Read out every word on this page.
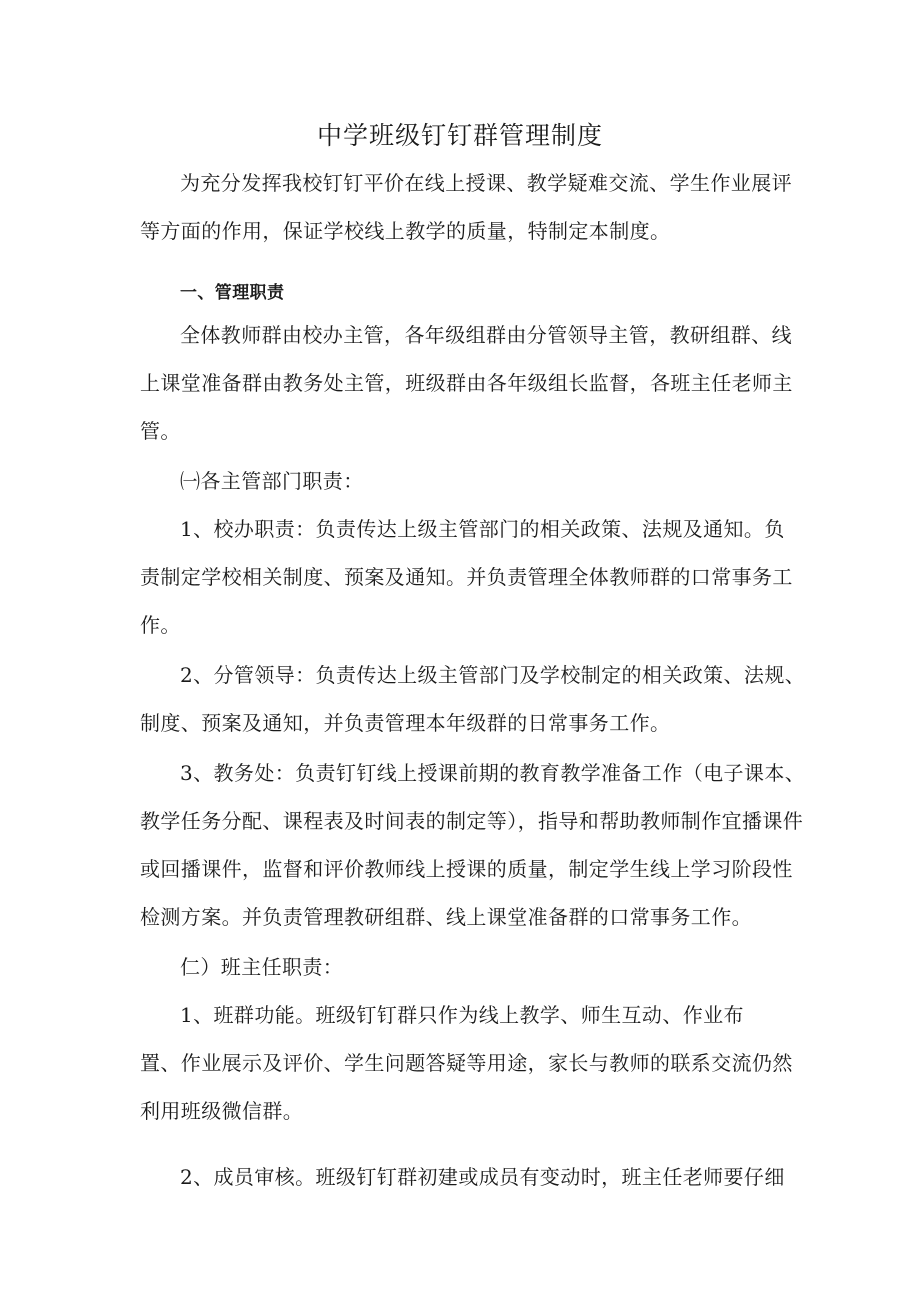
中学班级钉钉群管理制度
为充分发挥我校钉钉平价在线上授课、教学疑难交流、学生作业展评
等方面的作用，保证学校线上教学的质量，特制定本制度。
一、管理职责
全体教师群由校办主管，各年级组群由分管领导主管，教研组群、线
上课堂准备群由教务处主管，班级群由各年级组长监督，各班主任老师主
管。
㈠各主管部门职责：
1、校办职责：负责传达上级主管部门的相关政策、法规及通知。负
责制定学校相关制度、预案及通知。并负责管理全体教师群的口常事务工
作。
2、分管领导：负责传达上级主管部门及学校制定的相关政策、法规、
制度、预案及通知，并负责管理本年级群的日常事务工作。
3、教务处：负责钉钉线上授课前期的教育教学准备工作（电子课本、
教学任务分配、课程表及时间表的制定等），指导和帮助教师制作宜播课件
或回播课件，监督和评价教师线上授课的质量，制定学生线上学习阶段性
检测方案。并负责管理教研组群、线上课堂准备群的口常事务工作。
仁）班主任职责：
1、班群功能。班级钉钉群只作为线上教学、师生互动、作业布
置、作业展示及评价、学生问题答疑等用途，家长与教师的联系交流仍然
利用班级微信群。
2、成员审核。班级钉钉群初建或成员有变动时，班主任老师要仔细
